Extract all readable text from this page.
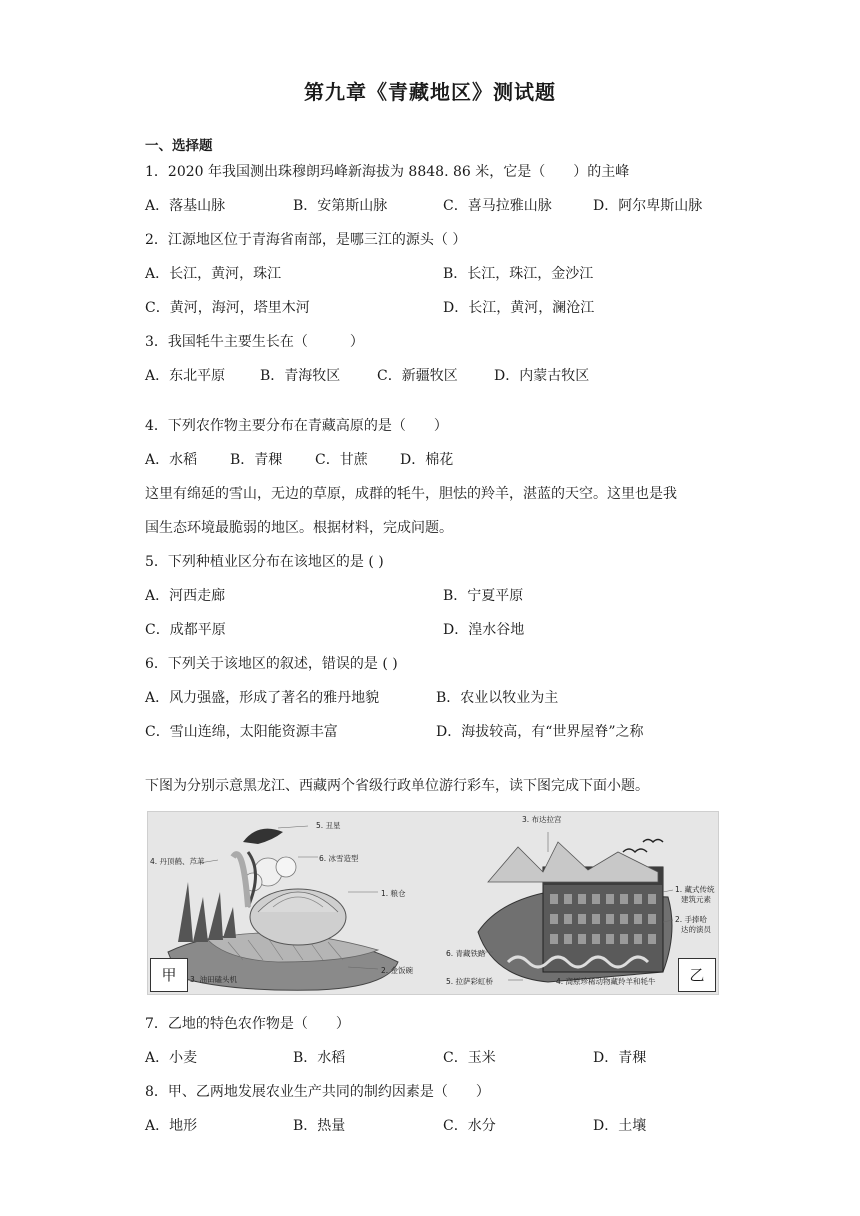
第九章《青藏地区》测试题
一、选择题
1．2020 年我国测出珠穆朗玛峰新海拔为 8848. 86 米，它是（　　）的主峰
A．落基山脉	B．安第斯山脉	C．喜马拉雅山脉	D．阿尔卑斯山脉
2．江源地区位于青海省南部，是哪三江的源头（ ）
A．长江，黄河，珠江	B．长江，珠江，金沙江
C．黄河，海河，塔里木河	D．长江，黄河，澜沧江
3．我国牦牛主要生长在（　　　）
A．东北平原 B．青海牧区	C．新疆牧区	D．内蒙古牧区
4．下列农作物主要分布在青藏高原的是（　　）
A．水稻 B．青稞 C．甘蔗 D．棉花
这里有绵延的雪山，无边的草原，成群的牦牛，胆怯的羚羊，湛蓝的天空。这里也是我
国生态环境最脆弱的地区。根据材料，完成问题。
5．下列种植业区分布在该地区的是 ( )
A．河西走廊	B．宁夏平原
C．成都平原	D．湟水谷地
6．下列关于该地区的叙述，错误的是 ( )
A．风力强盛，形成了著名的雅丹地貌	B．农业以牧业为主
C．雪山连绵，太阳能资源丰富	D．海拔较高，有“世界屋脊”之称
下图为分别示意黑龙江、西藏两个省级行政单位游行彩车，读下图完成下面小题。
5. 丑星
4. 丹顶鹤、芦苇	6. 冰雪造型
1. 粮仓
2. 金饭碗
3. 油田磕头机
3. 布达拉宫
1. 藏式传统
建筑元素
2. 手捧哈
达的演员
6. 青藏铁路
5. 拉萨彩虹桥	4. 高原珍稀动物藏羚羊和牦牛
甲	乙
7．乙地的特色农作物是（　　）
A．小麦	B．水稻	C．玉米	D．青稞
8．甲、乙两地发展农业生产共同的制约因素是（　　）
A．地形	B．热量	C．水分	D．土壤
